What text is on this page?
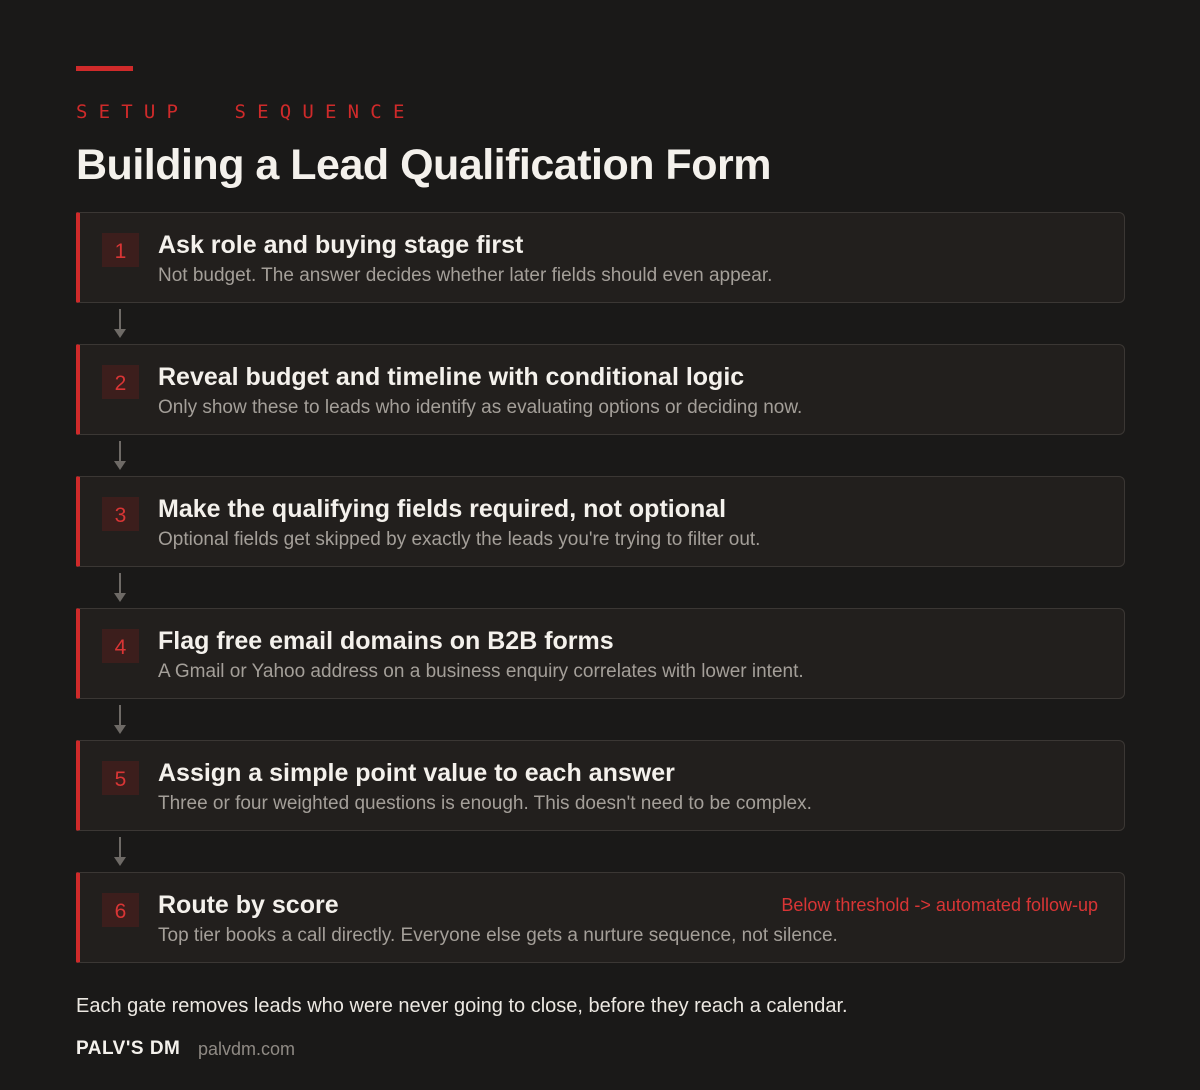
SETUP  SEQUENCE
Building a Lead Qualification Form
1	Ask role and buying stage first
Not budget. The answer decides whether later fields should even appear.
2	Reveal budget and timeline with conditional logic
Only show these to leads who identify as evaluating options or deciding now.
3	Make the qualifying fields required, not optional
Optional fields get skipped by exactly the leads you're trying to filter out.
4	Flag free email domains on B2B forms
A Gmail or Yahoo address on a business enquiry correlates with lower intent.
5	Assign a simple point value to each answer
Three or four weighted questions is enough. This doesn't need to be complex.
6	Route by score	Below threshold -> automated follow-up
Top tier books a call directly. Everyone else gets a nurture sequence, not silence.

Each gate removes leads who were never going to close, before they reach a calendar.

PALV'S DM palvdm.com
